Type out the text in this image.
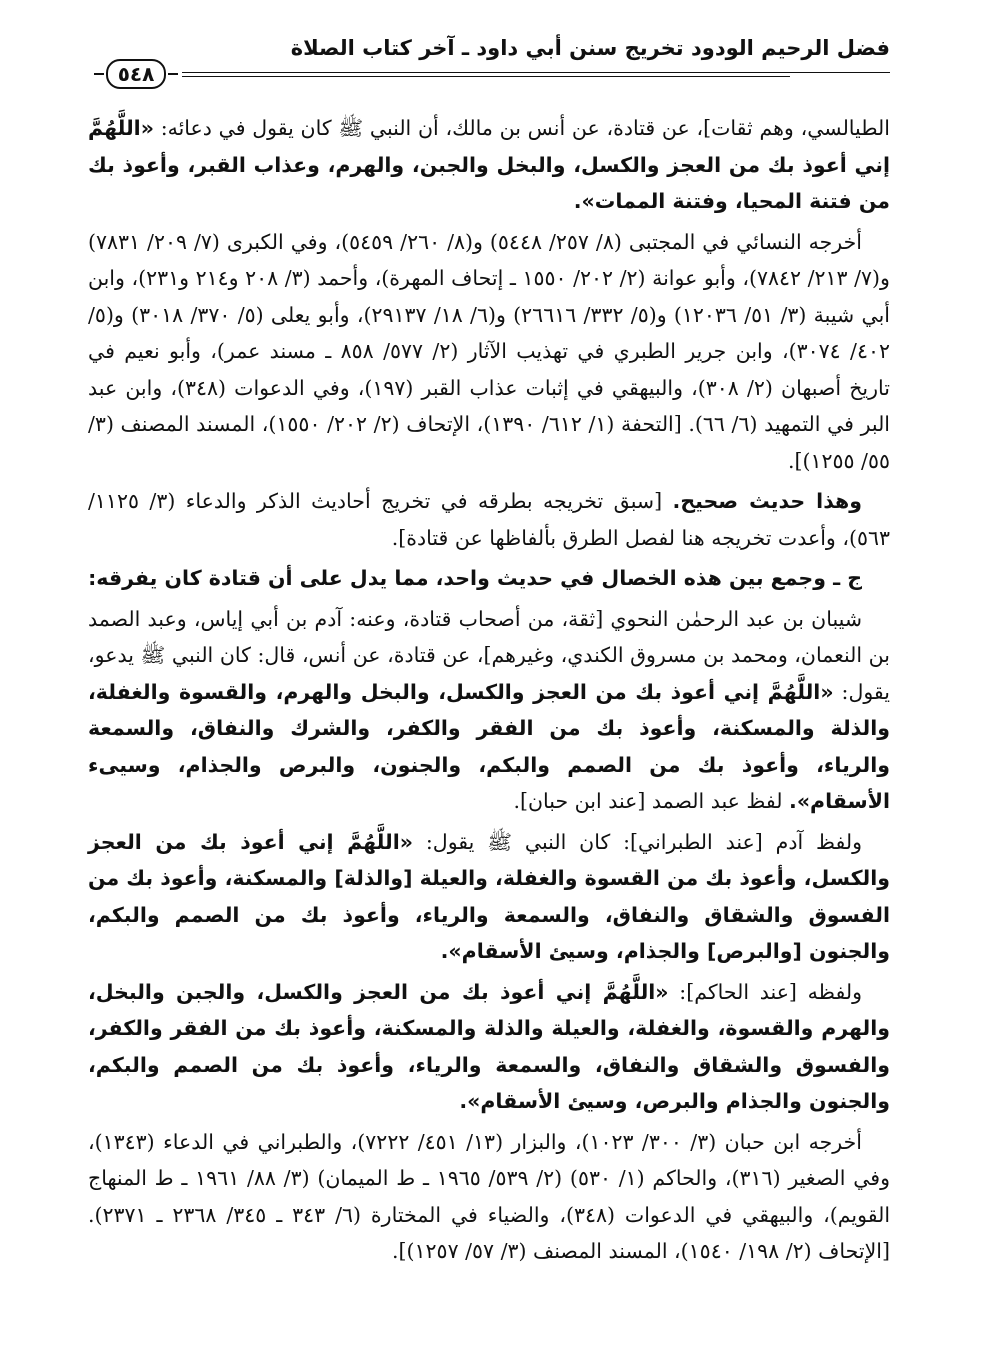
فضل الرحيم الودود تخريج سنن أبي داود ـ آخر كتاب الصلاة
٥٤٨

الطيالسي، وهم ثقات]، عن قتادة، عن أنس بن مالك، أن النبي ﷺ كان يقول في دعائه: «اللَّهُمَّ إني أعوذ بك من العجز والكسل، والبخل والجبن، والهرم، وعذاب القبر، وأعوذ بك من فتنة المحيا، وفتنة الممات».

أخرجه النسائي في المجتبى (٨/ ٢٥٧/ ٥٤٤٨) و(٨/ ٢٦٠/ ٥٤٥٩)، وفي الكبرى (٧/ ٢٠٩/ ٧٨٣١) و(٧/ ٢١٣/ ٧٨٤٢)، وأبو عوانة (٢/ ٢٠٢/ ١٥٥٠ ـ إتحاف المهرة)، وأحمد (٣/ ٢٠٨ و٢١٤ و٢٣١)، وابن أبي شيبة (٣/ ٥١/ ١٢٠٣٦) و(٥/ ٣٣٢/ ٢٦٦١٦) و(٦/ ١٨/ ٢٩١٣٧)، وأبو يعلى (٥/ ٣٧٠/ ٣٠١٨) و(٥/ ٤٠٢/ ٣٠٧٤)، وابن جرير الطبري في تهذيب الآثار (٢/ ٥٧٧/ ٨٥٨ ـ مسند عمر)، وأبو نعيم في تاريخ أصبهان (٢/ ٣٠٨)، والبيهقي في إثبات عذاب القبر (١٩٧)، وفي الدعوات (٣٤٨)، وابن عبد البر في التمهيد (٦/ ٦٦). [التحفة (١/ ٦١٢/ ١٣٩٠)، الإتحاف (٢/ ٢٠٢/ ١٥٥٠)، المسند المصنف (٣/ ٥٥/ ١٢٥٥)].

وهذا حديث صحيح. [سبق تخريجه بطرقه في تخريج أحاديث الذكر والدعاء (٣/ ١١٢٥/ ٥٦٣)، وأعدت تخريجه هنا لفصل الطرق بألفاظها عن قتادة].

ج ـ وجمع بين هذه الخصال في حديث واحد، مما يدل على أن قتادة كان يفرقه:

شيبان بن عبد الرحمٰن النحوي [ثقة، من أصحاب قتادة، وعنه: آدم بن أبي إياس، وعبد الصمد بن النعمان، ومحمد بن مسروق الكندي، وغيرهم]، عن قتادة، عن أنس، قال: كان النبي ﷺ يدعو، يقول: «اللَّهُمَّ إني أعوذ بك من العجز والكسل، والبخل والهرم، والقسوة والغفلة، والذلة والمسكنة، وأعوذ بك من الفقر والكفر، والشرك والنفاق، والسمعة والرياء، وأعوذ بك من الصمم والبكم، والجنون، والبرص والجذام، وسيىء الأسقام». لفظ عبد الصمد [عند ابن حبان].

ولفظ آدم [عند الطبراني]: كان النبي ﷺ يقول: «اللَّهُمَّ إني أعوذ بك من العجز والكسل، وأعوذ بك من القسوة والغفلة، والعيلة [والذلة] والمسكنة، وأعوذ بك من الفسوق والشقاق والنفاق، والسمعة والرياء، وأعوذ بك من الصمم والبكم، والجنون [والبرص] والجذام، وسيئ الأسقام».

ولفظه [عند الحاكم]: «اللَّهُمَّ إني أعوذ بك من العجز والكسل، والجبن والبخل، والهرم والقسوة، والغفلة، والعيلة والذلة والمسكنة، وأعوذ بك من الفقر والكفر، والفسوق والشقاق والنفاق، والسمعة والرياء، وأعوذ بك من الصمم والبكم، والجنون والجذام والبرص، وسيئ الأسقام».

أخرجه ابن حبان (٣/ ٣٠٠/ ١٠٢٣)، والبزار (١٣/ ٤٥١/ ٧٢٢٢)، والطبراني في الدعاء (١٣٤٣)، وفي الصغير (٣١٦)، والحاكم (١/ ٥٣٠) (٢/ ٥٣٩/ ١٩٦٥ ـ ط الميمان) (٣/ ٨٨/ ١٩٦١ ـ ط المنهاج القويم)، والبيهقي في الدعوات (٣٤٨)، والضياء في المختارة (٦/ ٣٤٣ ـ ٣٤٥/ ٢٣٦٨ ـ ٢٣٧١). [الإتحاف (٢/ ١٩٨/ ١٥٤٠)، المسند المصنف (٣/ ٥٧/ ١٢٥٧)].
